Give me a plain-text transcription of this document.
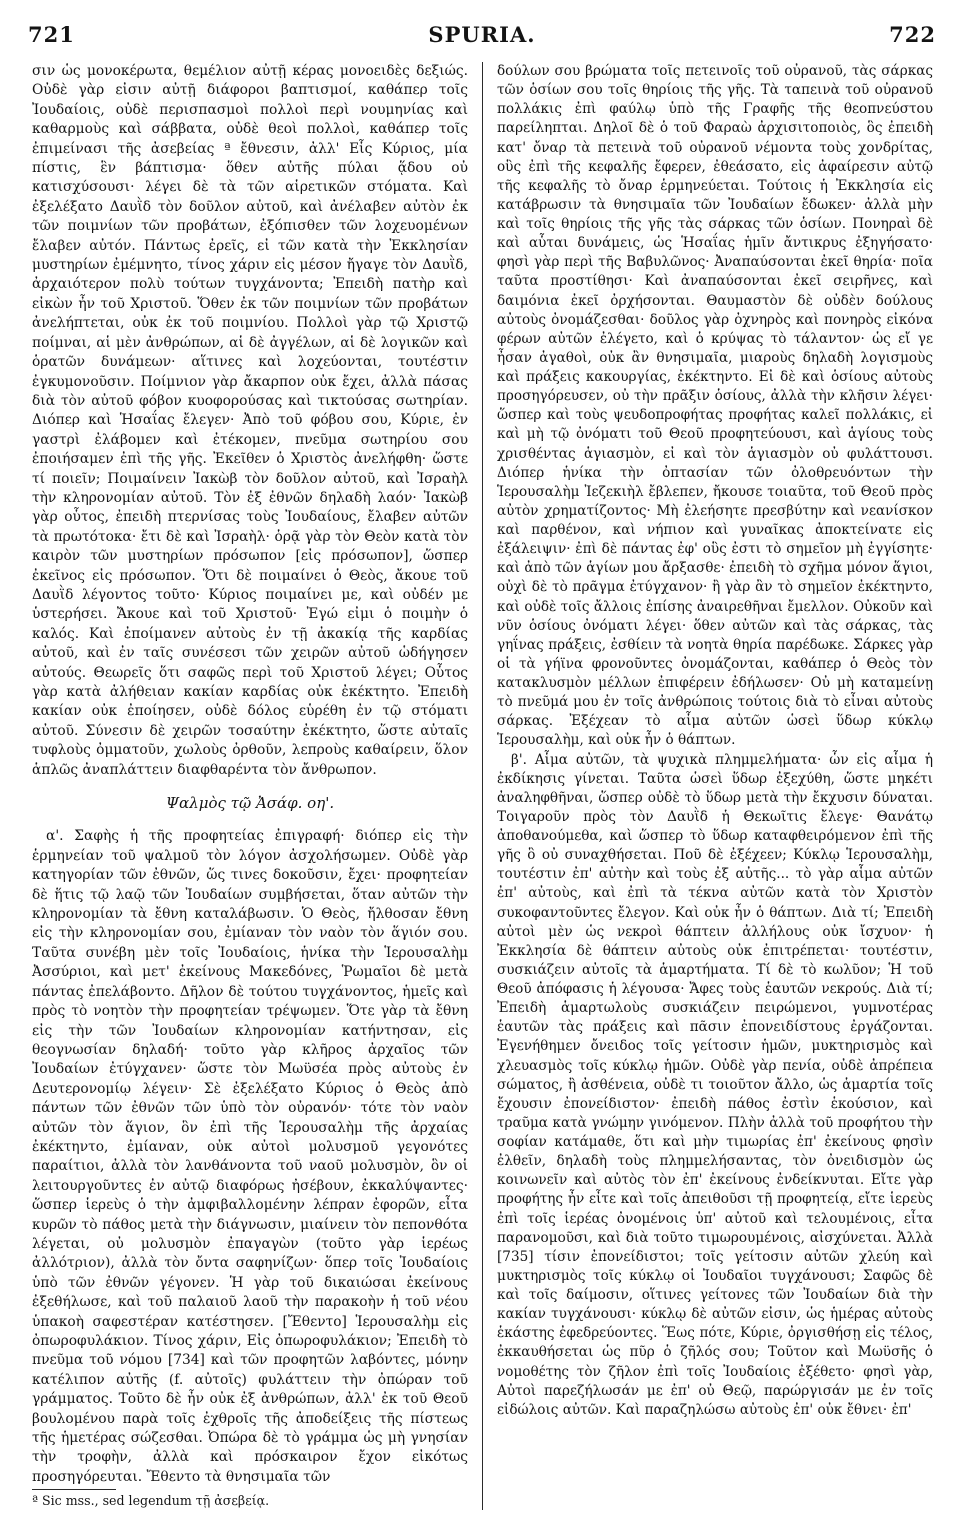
721	SPURIA.	722

σιν ὡς μονοκέρωτα, θεμέλιον αὐτῇ κέρας μονοειδὲς δεξιώς. Οὐδὲ γὰρ εἰσιν αὐτῇ διάφοροι βαπτισμοί, καθάπερ τοῖς Ἰουδαίοις, οὐδὲ περισπασμοὶ πολλοὶ περὶ νουμηνίας καὶ καθαρμοὺς καὶ σάββατα, οὐδὲ θεοὶ πολλοὶ, καθάπερ τοῖς ἐπιμείνασι τῆς ἀσεβείας ª ἔθνεσιν, ἀλλ' Εἷς Κύριος, μία πίστις, ἓν βάπτισμα· ὅθεν αὐτῆς πύλαι ᾅδου οὐ κατισχύσουσι· λέγει δὲ τὰ τῶν αἱρετικῶν στόματα. Καὶ ἐξελέξατο Δαυῒδ τὸν δοῦλον αὐτοῦ, καὶ ἀνέλαβεν αὐτὸν ἐκ τῶν ποιμνίων τῶν προβάτων, ἐξόπισθεν τῶν λοχευομένων ἔλαβεν αὐτόν. Πάντως ἐρεῖς, εἰ τῶν κατὰ τὴν Ἐκκλησίαν μυστηρίων ἐμέμνητο, τίνος χάριν εἰς μέσον ἤγαγε τὸν Δαυῒδ, ἀρχαιότερον πολὺ τούτων τυγχάνοντα; Ἐπειδὴ πατὴρ καὶ εἰκὼν ἦν τοῦ Χριστοῦ. Ὅθεν ἐκ τῶν ποιμνίων τῶν προβάτων ἀνελήπτεται, οὐκ ἐκ τοῦ ποιμνίου. Πολλοὶ γὰρ τῷ Χριστῷ ποίμναι, αἱ μὲν ἀνθρώπων, αἱ δὲ ἀγγέλων, αἱ δὲ λογικῶν καὶ ὁρατῶν δυνάμεων· αἵτινες καὶ λοχεύονται, τουτέστιν ἐγκυμονοῦσιν. Ποίμνιον γὰρ ἄκαρπον οὐκ ἔχει, ἀλλὰ πάσας διὰ τὸν αὐτοῦ φόβον κυοφορούσας καὶ τικτούσας σωτηρίαν. Διόπερ καὶ Ἡσαΐας ἔλεγεν· Ἀπὸ τοῦ φόβου σου, Κύριε, ἐν γαστρὶ ἐλάβομεν καὶ ἐτέκομεν, πνεῦμα σωτηρίου σου ἐποιήσαμεν ἐπὶ τῆς γῆς. Ἐκεῖθεν ὁ Χριστὸς ἀνελήφθη· ὥστε τί ποιεῖν; Ποιμαίνειν Ἰακὼβ τὸν δοῦλον αὐτοῦ, καὶ Ἰσραὴλ τὴν κληρονομίαν αὐτοῦ. Τὸν ἐξ ἐθνῶν δηλαδὴ λαόν· Ἰακὼβ γὰρ οὗτος, ἐπειδὴ πτερνίσας τοὺς Ἰουδαίους, ἔλαβεν αὐτῶν τὰ πρωτότοκα· ἔτι δὲ καὶ Ἰσραὴλ· ὁρᾷ γὰρ τὸν Θεὸν κατὰ τὸν καιρὸν τῶν μυστηρίων πρόσωπον [εἰς πρόσωπον], ὥσπερ ἐκεῖνος εἰς πρόσωπον. Ὅτι δὲ ποιμαίνει ὁ Θεὸς, ἄκουε τοῦ Δαυῒδ λέγοντος τοῦτο· Κύριος ποιμαίνει με, καὶ οὐδέν με ὑστερήσει. Ἄκουε καὶ τοῦ Χριστοῦ· Ἐγώ εἰμι ὁ ποιμὴν ὁ καλός. Καὶ ἐποίμανεν αὐτοὺς ἐν τῇ ἀκακίᾳ τῆς καρδίας αὐτοῦ, καὶ ἐν ταῖς συνέσεσι τῶν χειρῶν αὐτοῦ ὡδήγησεν αὐτούς. Θεωρεῖς ὅτι σαφῶς περὶ τοῦ Χριστοῦ λέγει; Οὗτος γὰρ κατὰ ἀλήθειαν κακίαν καρδίας οὐκ ἐκέκτητο. Ἐπειδὴ κακίαν οὐκ ἐποίησεν, οὐδὲ δόλος εὑρέθη ἐν τῷ στόματι αὐτοῦ. Σύνεσιν δὲ χειρῶν τοσαύτην ἐκέκτητο, ὥστε αὐταῖς τυφλοὺς ὀμματοῦν, χωλοὺς ὀρθοῦν, λεπροὺς καθαίρειν, ὅλον ἁπλῶς ἀναπλάττειν διαφθαρέντα τὸν ἄνθρωπον.

Ψαλμὸς τῷ Ἀσάφ. οη'.

α'. Σαφὴς ἡ τῆς προφητείας ἐπιγραφή· διόπερ εἰς τὴν ἑρμηνείαν τοῦ ψαλμοῦ τὸν λόγον ἀσχολήσωμεν. Οὐδὲ γὰρ κατηγορίαν τῶν ἐθνῶν, ὥς τινες δοκοῦσιν, ἔχει· προφητείαν δὲ ἥτις τῷ λαῷ τῶν Ἰουδαίων συμβήσεται, ὅταν αὐτῶν τὴν κληρονομίαν τὰ ἔθνη καταλάβωσιν. Ὁ Θεὸς, ἤλθοσαν ἔθνη εἰς τὴν κληρονομίαν σου, ἐμίαναν τὸν ναὸν τὸν ἅγιόν σου. Ταῦτα συνέβη μὲν τοῖς Ἰουδαίοις, ἡνίκα τὴν Ἱερουσαλὴμ Ἀσσύριοι, καὶ μετ' ἐκείνους Μακεδόνες, Ῥωμαῖοι δὲ μετὰ πάντας ἐπελάβοντο. Δῆλον δὲ τούτου τυγχάνοντος, ἡμεῖς καὶ πρὸς τὸ νοητὸν τὴν προφητείαν τρέψωμεν. Ὅτε γὰρ τὰ ἔθνη εἰς τὴν τῶν Ἰουδαίων κληρονομίαν κατήντησαν, εἰς θεογνωσίαν δηλαδή· τοῦτο γὰρ κλῆρος ἀρχαῖος τῶν Ἰουδαίων ἐτύγχανεν· ὥστε τὸν Μωϋσέα πρὸς αὐτοὺς ἐν Δευτερονομίῳ λέγειν· Σὲ ἐξελέξατο Κύριος ὁ Θεὸς ἀπὸ πάντων τῶν ἐθνῶν τῶν ὑπὸ τὸν οὐρανόν· τότε τὸν ναὸν αὐτῶν τὸν ἅγιον, ὃν ἐπὶ τῆς Ἱερουσαλὴμ τῆς ἀρχαίας ἐκέκτηντο, ἐμίαναν, οὐκ αὐτοὶ μολυσμοῦ γεγονότες παραίτιοι, ἀλλὰ τὸν λανθάνοντα τοῦ ναοῦ μολυσμὸν, ὃν οἱ λειτουργοῦντες ἐν αὐτῷ διαφόρως ἠσέβουν, ἐκκαλύψαντες· ὥσπερ ἱερεὺς ὁ τὴν ἀμφιβαλλομένην λέπραν ἐφορῶν, εἶτα κυρῶν τὸ πάθος μετὰ τὴν διάγνωσιν, μιαίνειν τὸν πεπονθότα λέγεται, οὐ μολυσμὸν ἐπαγαγὼν (τοῦτο γὰρ ἱερέως ἀλλότριον), ἀλλὰ τὸν ὄντα σαφηνίζων· ὅπερ τοῖς Ἰουδαίοις ὑπὸ τῶν ἐθνῶν γέγονεν. Ἡ γὰρ τοῦ δικαιώσαι ἐκείνους ἐξεθήλωσε, καὶ τοῦ παλαιοῦ λαοῦ τὴν παρακοὴν ἡ τοῦ νέου ὑπακοὴ σαφεστέραν κατέστησεν. [Ἔθεντο] Ἱερουσαλὴμ εἰς ὀπωροφυλάκιον. Τίνος χάριν, Εἰς ὀπωροφυλάκιον; Ἐπειδὴ τὸ πνεῦμα τοῦ νόμου [734] καὶ τῶν προφητῶν λαβόντες, μόνην κατέλιπον αὐτῆς (f. αὐτοῖς) φυλάττειν τὴν ὀπώραν τοῦ γράμματος. Τοῦτο δὲ ἦν οὐκ ἐξ ἀνθρώπων, ἀλλ' ἐκ τοῦ Θεοῦ βουλομένου παρὰ τοῖς ἐχθροῖς τῆς ἀποδείξεις τῆς πίστεως τῆς ἡμετέρας σώζεσθαι. Ὀπώρα δὲ τὸ γράμμα ὡς μὴ γνησίαν τὴν τροφὴν, ἀλλὰ καὶ πρόσκαιρον ἔχον εἰκότως προσηγόρευται. Ἔθεντο τὰ θνησιμαῖα τῶν

ª Sic mss., sed legendum τῇ ἀσεβείᾳ.

δούλων σου βρώματα τοῖς πετεινοῖς τοῦ οὐρανοῦ, τὰς σάρκας τῶν ὁσίων σου τοῖς θηρίοις τῆς γῆς. Τὰ ταπεινὰ τοῦ οὐρανοῦ πολλάκις ἐπὶ φαύλῳ ὑπὸ τῆς Γραφῆς τῆς θεοπνεύστου παρείληπται. Δηλοῖ δὲ ὁ τοῦ Φαραὼ ἀρχισιτοποιὸς, ὃς ἐπειδὴ κατ' ὄναρ τὰ πετεινὰ τοῦ οὐρανοῦ νέμοντα τοὺς χονδρίτας, οὓς ἐπὶ τῆς κεφαλῆς ἔφερεν, ἐθεάσατο, εἰς ἀφαίρεσιν αὐτῷ τῆς κεφαλῆς τὸ ὄναρ ἑρμηνεύεται. Τούτοις ἡ Ἐκκλησία εἰς κατάβρωσιν τὰ θνησιμαῖα τῶν Ἰουδαίων ἔδωκεν· ἀλλὰ μὴν καὶ τοῖς θηρίοις τῆς γῆς τὰς σάρκας τῶν ὁσίων. Πονηραὶ δὲ καὶ αὗται δυνάμεις, ὡς Ἡσαΐας ἡμῖν ἄντικρυς ἐξηγήσατο· φησὶ γὰρ περὶ τῆς Βαβυλῶνος· Ἀναπαύσονται ἐκεῖ θηρία· ποῖα ταῦτα προστίθησι· Καὶ ἀναπαύσονται ἐκεῖ σειρῆνες, καὶ δαιμόνια ἐκεῖ ὀρχήσονται. Θαυμαστὸν δὲ οὐδὲν δούλους αὐτοὺς ὀνομάζεσθαι· δοῦλος γὰρ ὀχνηρὸς καὶ πονηρὸς εἰκόνα φέρων αὐτῶν ἐλέγετο, καὶ ὁ κρύψας τὸ τάλαντον· ὡς εἴ γε ἦσαν ἀγαθοὶ, οὐκ ἂν θνησιμαῖα, μιαροὺς δηλαδὴ λογισμοὺς καὶ πράξεις κακουργίας, ἐκέκτηντο. Εἰ δὲ καὶ ὁσίους αὐτοὺς προσηγόρευσεν, οὐ τὴν πρᾶξιν ὁσίους, ἀλλὰ τὴν κλῆσιν λέγει· ὥσπερ καὶ τοὺς ψευδοπροφήτας προφήτας καλεῖ πολλάκις, εἰ καὶ μὴ τῷ ὀνόματι τοῦ Θεοῦ προφητεύουσι, καὶ ἁγίους τοὺς χρισθέντας ἁγιασμὸν, εἰ καὶ τὸν ἁγιασμὸν οὐ φυλάττουσι. Διόπερ ἡνίκα τὴν ὀπτασίαν τῶν ὀλοθρευόντων τὴν Ἱερουσαλὴμ Ἰεζεκιὴλ ἔβλεπεν, ἤκουσε τοιαῦτα, τοῦ Θεοῦ πρὸς αὐτὸν χρηματίζοντος· Μὴ ἐλεήσητε πρεσβύτην καὶ νεανίσκον καὶ παρθένον, καὶ νήπιον καὶ γυναῖκας ἀποκτείνατε εἰς ἐξάλειψιν· ἐπὶ δὲ πάντας ἐφ' οὓς ἐστι τὸ σημεῖον μὴ ἐγγίσητε· καὶ ἀπὸ τῶν ἁγίων μου ἄρξασθε· ἐπειδὴ τὸ σχῆμα μόνον ἅγιοι, οὐχὶ δὲ τὸ πρᾶγμα ἐτύγχανον· ἢ γὰρ ἂν τὸ σημεῖον ἐκέκτηντο, καὶ οὐδὲ τοῖς ἄλλοις ἐπίσης ἀναιρεθῆναι ἔμελλον. Οὐκοῦν καὶ νῦν ὁσίους ὀνόματι λέγει· ὅθεν αὐτῶν καὶ τὰς σάρκας, τὰς γηΐνας πράξεις, ἐσθίειν τὰ νοητὰ θηρία παρέδωκε. Σάρκες γὰρ οἱ τὰ γήϊνα φρονοῦντες ὀνομάζονται, καθάπερ ὁ Θεὸς τὸν κατακλυσμὸν μέλλων ἐπιφέρειν ἐδήλωσεν· Οὐ μὴ καταμείνῃ τὸ πνεῦμά μου ἐν τοῖς ἀνθρώποις τούτοις διὰ τὸ εἶναι αὐτοὺς σάρκας. Ἐξέχεαν τὸ αἷμα αὐτῶν ὡσεὶ ὕδωρ κύκλῳ Ἱερουσαλὴμ, καὶ οὐκ ἦν ὁ θάπτων.

β'. Αἷμα αὐτῶν, τὰ ψυχικὰ πλημμελήματα· ὧν εἰς αἷμα ἡ ἐκδίκησις γίνεται. Ταῦτα ὡσεὶ ὕδωρ ἐξεχύθη, ὥστε μηκέτι ἀναληφθῆναι, ὥσπερ οὐδὲ τὸ ὕδωρ μετὰ τὴν ἔκχυσιν δύναται. Τοιγαροῦν πρὸς τὸν Δαυῒδ ἡ Θεκωῖτις ἔλεγε· Θανάτῳ ἀποθανούμεθα, καὶ ὥσπερ τὸ ὕδωρ καταφθειρόμενον ἐπὶ τῆς γῆς ὃ οὐ συναχθήσεται. Ποῦ δὲ ἐξέχεεν; Κύκλῳ Ἱερουσαλὴμ, τουτέστιν ἐπ' αὐτὴν καὶ τοὺς ἐξ αὐτῆς... τὸ γὰρ αἷμα αὐτῶν ἐπ' αὐτοὺς, καὶ ἐπὶ τὰ τέκνα αὐτῶν κατὰ τὸν Χριστὸν συκοφαντοῦντες ἔλεγον. Καὶ οὐκ ἦν ὁ θάπτων. Διὰ τί; Ἐπειδὴ αὐτοὶ μὲν ὡς νεκροὶ θάπτειν ἀλλήλους οὐκ ἴσχυον· ἡ Ἐκκλησία δὲ θάπτειν αὐτοὺς οὐκ ἐπιτρέπεται· τουτέστιν, συσκιάζειν αὐτοῖς τὰ ἁμαρτήματα. Τί δὲ τὸ κωλῦον; Ἡ τοῦ Θεοῦ ἀπόφασις ἡ λέγουσα· Ἄφες τοὺς ἑαυτῶν νεκρούς. Διὰ τί; Ἐπειδὴ ἁμαρτωλοὺς συσκιάζειν πειρώμενοι, γυμνοτέρας ἑαυτῶν τὰς πράξεις καὶ πᾶσιν ἐπονειδίστους ἐργάζονται. Ἐγενήθημεν ὄνειδος τοῖς γείτοσιν ἡμῶν, μυκτηρισμὸς καὶ χλευασμὸς τοῖς κύκλῳ ἡμῶν. Οὐδὲ γὰρ πενία, οὐδὲ ἀπρέπεια σώματος, ἢ ἀσθένεια, οὐδὲ τι τοιοῦτον ἄλλο, ὡς ἁμαρτία τοῖς ἔχουσιν ἐπονείδιστον· ἐπειδὴ πάθος ἐστὶν ἑκούσιον, καὶ τραῦμα κατὰ γνώμην γινόμενον. Πλὴν ἀλλὰ τοῦ προφήτου τὴν σοφίαν κατάμαθε, ὅτι καὶ μὴν τιμωρίας ἐπ' ἐκείνους φησὶν ἐλθεῖν, δηλαδὴ τοὺς πλημμελήσαντας, τὸν ὀνειδισμὸν ὡς κοινωνεῖν καὶ αὐτὸς τὸν ἐπ' ἐκείνους ἐνδείκνυται. Εἴτε γὰρ προφήτης ἦν εἶτε καὶ τοῖς ἀπειθοῦσι τῇ προφητείᾳ, εἴτε ἱερεὺς ἐπὶ τοῖς ἱερέας ὀνομένοις ὑπ' αὐτοῦ καὶ τελουμένοις, εἶτα παρανομοῦσι, καὶ διὰ τοῦτο τιμωρουμένοις, αἰσχύνεται. Ἀλλὰ [735] τίσιν ἐπονείδιστοι; τοῖς γείτοσιν αὐτῶν χλεύη καὶ μυκτηρισμὸς τοῖς κύκλῳ οἱ Ἰουδαῖοι τυγχάνουσι; Σαφῶς δὲ καὶ τοῖς δαίμοσιν, οἵτινες γείτονες τῶν Ἰουδαίων διὰ τὴν κακίαν τυγχάνουσι· κύκλῳ δὲ αὐτῶν εἰσιν, ὡς ἡμέρας αὐτοὺς ἑκάστης ἐφεδρεύοντες. Ἕως πότε, Κύριε, ὀργισθήσῃ εἰς τέλος, ἐκκαυθήσεται ὡς πῦρ ὁ ζῆλός σου; Τοῦτον καὶ Μωϋσῆς ὁ νομοθέτης τὸν ζῆλον ἐπὶ τοῖς Ἰουδαίοις ἐξέθετο· φησὶ γὰρ, Αὐτοὶ παρεζήλωσάν με ἐπ' οὐ Θεῷ, παρώργισάν με ἐν τοῖς εἰδώλοις αὐτῶν. Καὶ παραζηλώσω αὐτοὺς ἐπ' οὐκ ἔθνει· ἐπ'
